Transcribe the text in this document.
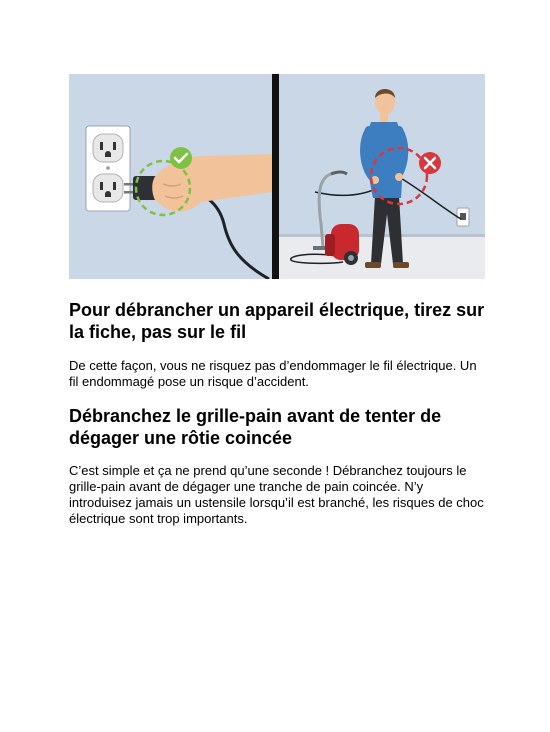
Pour débrancher un appareil électrique, tirez sur la fiche, pas sur le fil

De cette façon, vous ne risquez pas d’endommager le fil électrique. Un fil endommagé pose un risque d’accident.

Débranchez le grille-pain avant de tenter de dégager une rôtie coincée

C’est simple et ça ne prend qu’une seconde ! Débranchez toujours le grille-pain avant de dégager une tranche de pain coincée. N’y introduisez jamais un ustensile lorsqu’il est branché, les risques de choc électrique sont trop importants.
